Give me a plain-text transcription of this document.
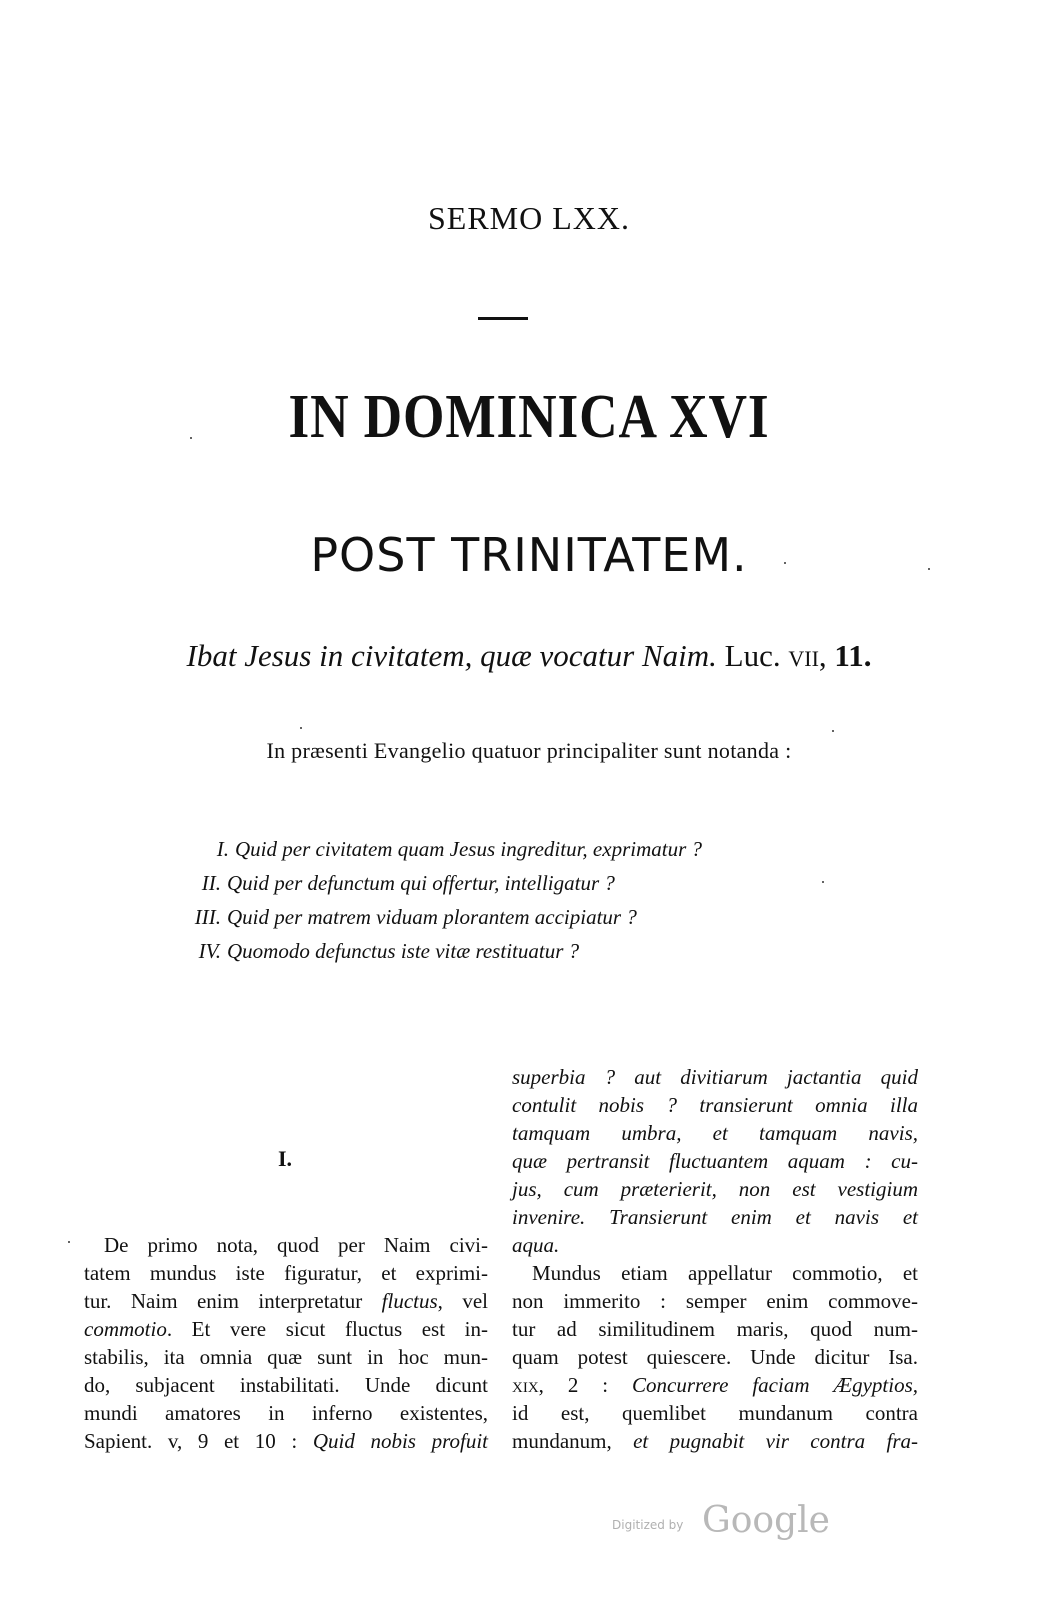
SERMO LXX.
IN DOMINICA XVI
POST TRINITATEM.
Ibat Jesus in civitatem, quæ vocatur Naim. Luc. vii, 11.
In præsenti Evangelio quatuor principaliter sunt notanda :
I. Quid per civitatem quam Jesus ingreditur, exprimatur ?
II. Quid per defunctum qui offertur, intelligatur ?
III. Quid per matrem viduam plorantem accipiatur ?
IV. Quomodo defunctus iste vitæ restituatur ?
I.
De primo nota, quod per Naim civi-
tatem mundus iste figuratur, et exprimi-
tur. Naim enim interpretatur fluctus, vel
commotio. Et vere sicut fluctus est in-
stabilis, ita omnia quæ sunt in hoc mun-
do, subjacent instabilitati. Unde dicunt
mundi amatores in inferno existentes,
Sapient. v, 9 et 10 : Quid nobis profuit
superbia ? aut divitiarum jactantia quid
contulit nobis ? transierunt omnia illa
tamquam umbra, et tamquam navis,
quæ pertransit fluctuantem aquam : cu-
jus, cum præterierit, non est vestigium
invenire. Transierunt enim et navis et
aqua.
Mundus etiam appellatur commotio, et
non immerito : semper enim commove-
tur ad similitudinem maris, quod num-
quam potest quiescere. Unde dicitur Isa.
xix, 2 : Concurrere faciam Ægyptios,
id est, quemlibet mundanum contra
mundanum, et pugnabit vir contra fra-
Digitized by Google
